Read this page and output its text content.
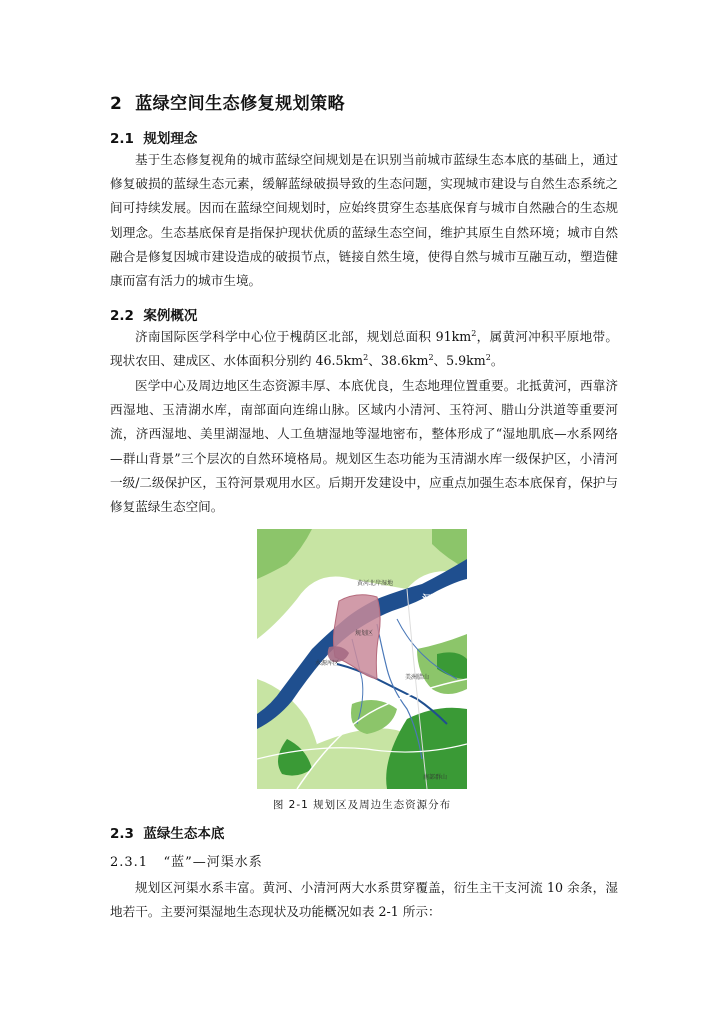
2 蓝绿空间生态修复规划策略
2.1 规划理念

基于生态修复视角的城市蓝绿空间规划是在识别当前城市蓝绿生态本底的基础上，通过修复破损的蓝绿生态元素，缓解蓝绿破损导致的生态问题，实现城市建设与自然生态系统之间可持续发展。因而在蓝绿空间规划时，应始终贯穿生态基底保育与城市自然融合的生态规划理念。生态基底保育是指保护现状优质的蓝绿生态空间，维护其原生自然环境；城市自然融合是修复因城市建设造成的破损节点，链接自然生境，使得自然与城市互融互动，塑造健康而富有活力的城市生境。

2.2 案例概况

济南国际医学科学中心位于槐荫区北部，规划总面积 $91km^2$，属黄河冲积平原地带。现状农田、建成区、水体面积分别约 $46.5km^2$、$38.6km^2$、$5.9km^2$。

医学中心及周边地区生态资源丰厚、本底优良，生态地理位置重要。北抵黄河，西靠济西湿地、玉清湖水库，南部面向连绵山脉。区域内小清河、玉符河、腊山分洪道等重要河流，济西湿地、美里湖湿地、人工鱼塘湿地等湿地密布，整体形成了“湿地肌底—水系网络—群山背景”三个层次的自然环境格局。规划区生态功能为玉清湖水库一级保护区，小清河一级/二级保护区，玉符河景观用水区。后期开发建设中，应重点加强生态本底保育，保护与修复蓝绿生态空间。

黄河北岸湿地
河
黄	规划区
水源库区
美洲腊山
南部群山
图 2-1 规划区及周边生态资源分布
2.3 蓝绿生态本底
2.3.1 “蓝”—河渠水系

规划区河渠水系丰富。黄河、小清河两大水系贯穿覆盖，衍生主干支河流 10 余条，湿地若干。主要河渠湿地生态现状及功能概况如表 2-1 所示：
